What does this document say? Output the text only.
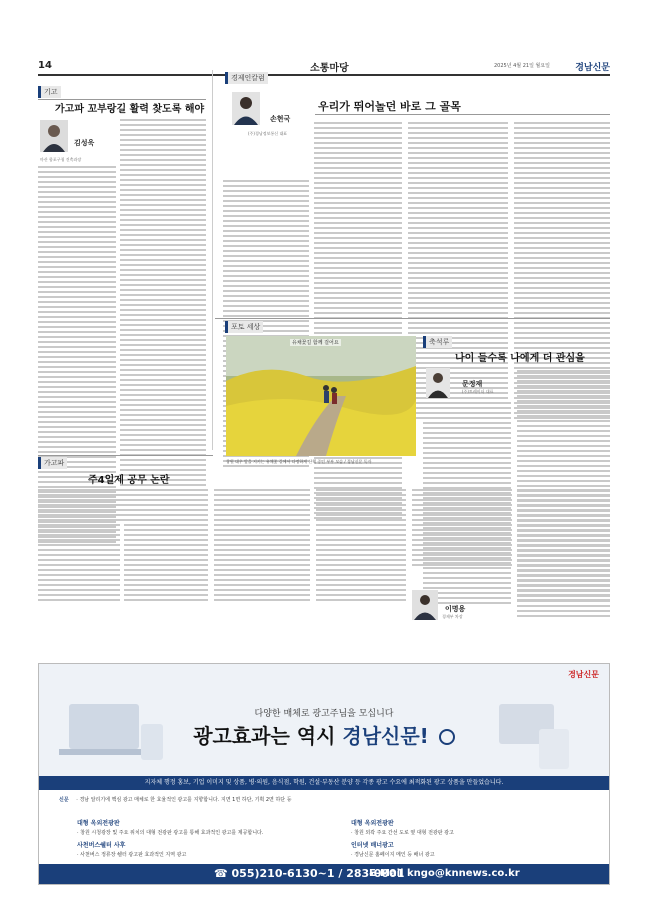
14	소통마당	2025년 4월 21일 월요일	경남신문
기고
가고파 꼬부랑길 활력 찾도록 해야
김성욱
마산 합포구청 건축과장
경제인칼럼
손현국
(주)경남정보통신 대표
우리가 뛰어놀던 바로 그 골목
포토 세상
유채꽃길 함께 걸어요
창원 대우 앞을 지키는 유채꽃 길에서 다정하게 산책 중인 부부 모습 / 경남신문 독자
축석루
나이 들수록 나에게 더 관심을
문정재
(주)트레이더 대표
가고파
주4일제 공무 논란
이명용
경제부 차장
경남신문
다양한 매체로 광고주님을 모십니다
광고효과는 역시 경남신문!
지자체 행정 홍보, 기업 이미지 및 상품, 병·의원, 음식점, 학원, 건설·부동산 분양 등 각종 광고 수요에 최적화된 광고 상품을 만들었습니다.
신문 · 경남 알리기에 핵심 광고 매체로 한 효율적인 광고를 지향합니다. 지면 1면 하단, 기획 2면 하단 등
대형 옥외전광판
· 창원 시청광장 및 주요 위치의 대형 전광판 광고를 통해 효과적인 광고를 제공합니다.
대형 옥외전광판
· 창원 외곽 주요 간선 도로 옆 대형 전광판 광고
사천버스쉘터 사후
· 사천버스 정류장 쉘터 광고판 효과적인 지역 광고
인터넷 배너광고
· 경남신문 홈페이지 메인 등 배너 광고
☎ 055)210-6130~1 / 283-0001
E-Mail kngo@knnews.co.kr
